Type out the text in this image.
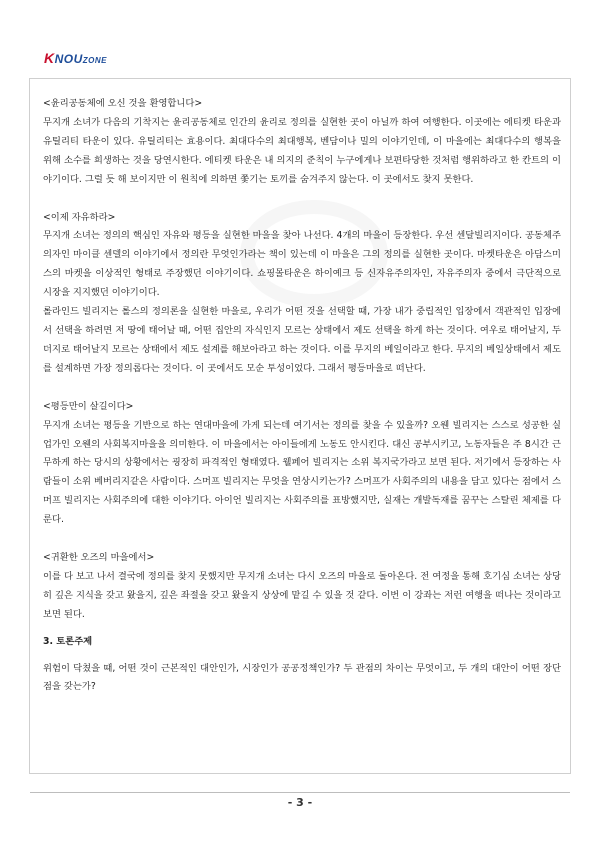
KNOUZONE

<윤리공동체에 오신 것을 환영합니다>

무지개 소녀가 다음의 기착지는 윤리공동체로 인간의 윤리로 정의를 실현한 곳이 아닐까 하여 여행한다. 이곳에는 에티켓 타운과 유틸리티 타운이 있다. 유틸리티는 효용이다. 최대다수의 최대행복, 벤담이나 밀의 이야기인데, 이 마을에는 최대다수의 행복을 위해 소수를 희생하는 것을 당연시한다. 에티켓 타운은 내 의지의 준칙이 누구에게나 보편타당한 것처럼 행위하라고 한 칸트의 이야기이다. 그럴 듯 해 보이지만 이 원칙에 의하면 쫓기는 토끼를 숨겨주지 않는다. 이 곳에서도 찾지 못한다.

<이제 자유하라>

무지개 소녀는 정의의 핵심인 자유와 평등을 실현한 마을을 찾아 나선다. 4개의 마을이 등장한다. 우선 센달빌리지이다. 공동체주의자인 마이클 센델의 이야기에서 정의란 무엇인가라는 책이 있는데 이 마을은 그의 정의를 실현한 곳이다. 마켓타운은 아담스미스의 마켓을 이상적인 형태로 주장했던 이야기이다. 쇼핑몰타운은 하이예크 등 신자유주의자인, 자유주의자 중에서 극단적으로 시장을 지지했던 이야기이다.

롤라인드 빌리지는 롤스의 정의론을 실현한 마을로, 우리가 어떤 것을 선택할 때, 가장 내가 중립적인 입장에서 객관적인 입장에서 선택을 하려면 저 땅에 태어날 때, 어떤 집안의 자식인지 모르는 상태에서 제도 선택을 하게 하는 것이다. 여우로 태어날지, 두더지로 태어날지 모르는 상태에서 제도 설계를 해보아라고 하는 것이다. 이를 무지의 베일이라고 한다. 무지의 베일상태에서 제도를 설계하면 가장 정의롭다는 것이다. 이 곳에서도 모순 투성이었다. 그래서 평등마을로 떠난다.

<평등만이 살길이다>

무지개 소녀는 평등을 기반으로 하는 연대마을에 가게 되는데 여기서는 정의를 찾을 수 있을까? 오웬 빌리지는 스스로 성공한 실업가인 오웬의 사회복지마을을 의미한다. 이 마을에서는 아이들에게 노동도 안시킨다. 대신 공부시키고, 노동자들은 주 8시간 근무하게 하는 당시의 상황에서는 굉장히 파격적인 형태였다. 웰페어 빌리지는 소위 복지국가라고 보면 된다. 저기에서 등장하는 사람들이 소위 베버리지같은 사람이다. 스머프 빌리지는 무엇을 연상시키는가? 스머프가 사회주의의 내용을 담고 있다는 점에서 스머프 빌리지는 사회주의에 대한 이야기다. 아이언 빌리지는 사회주의를 표방했지만, 실재는 개발독재를 꿈꾸는 스탈린 체제를 다룬다.

<귀환한 오즈의 마을에서>

이를 다 보고 나서 결국에 정의를 찾지 못했지만 무지개 소녀는 다시 오즈의 마을로 돌아온다. 전 여정을 통해 호기심 소녀는 상당히 깊은 지식을 갖고 왔을지, 깊은 좌절을 갖고 왔을지 상상에 맡길 수 있을 것 같다. 이번 이 강좌는 저런 여행을 떠나는 것이라고 보면 된다.

3. 토론주제

위험이 닥쳤을 때, 어떤 것이 근본적인 대안인가, 시장인가 공공정책인가? 두 관점의 차이는 무엇이고, 두 개의 대안이 어떤 장단점을 갖는가?

- 3 -
